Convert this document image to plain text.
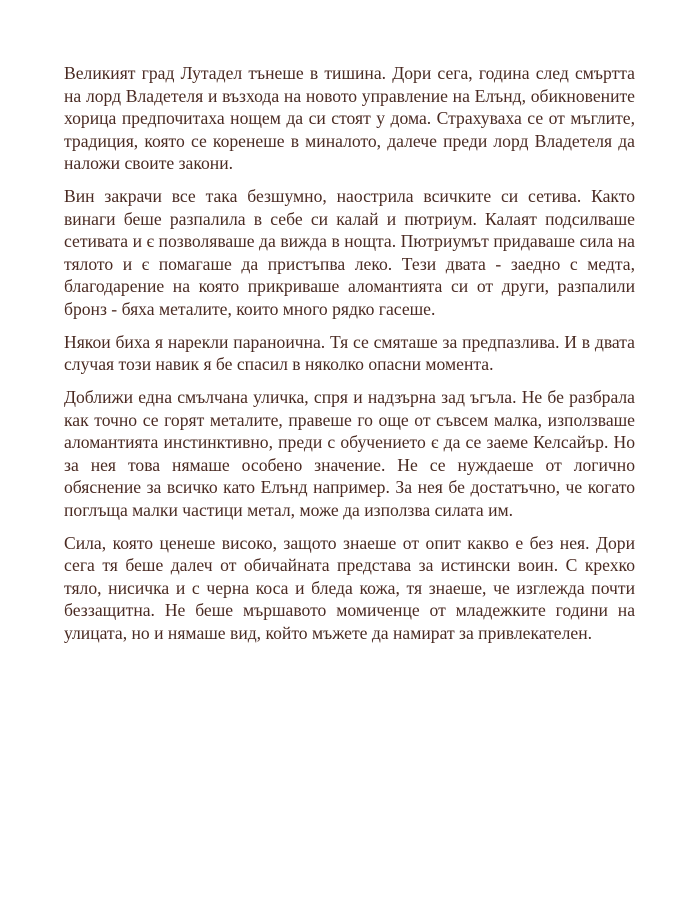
Великият град Лутадел тънеше в тишина. Дори сега, година след смъртта на лорд Владетеля и възхода на новото управление на Елънд, обикновените хорица предпочитаха нощем да си стоят у дома. Страхуваха се от мъглите, традиция, която се коренеше в миналото, далече преди лорд Владетеля да наложи своите закони.

Вин закрачи все така безшумно, наострила всичките си сетива. Както винаги беше разпалила в себе си калай и пютриум. Калаят подсилваше сетивата и є позволяваше да вижда в нощта. Пютриумът придаваше сила на тялото и є помагаше да пристъпва леко. Тези двата - заедно с медта, благодарение на която прикриваше аломантията си от други, разпалили бронз - бяха металите, които много рядко гасеше.

Някои биха я нарекли параноична. Тя се смяташе за предпазлива. И в двата случая този навик я бе спасил в няколко опасни момента.

Доближи една смълчана уличка, спря и надзърна зад ъгъла. Не бе разбрала как точно се горят металите, правеше го още от съвсем малка, използваше аломантията инстинктивно, преди с обучението є да се заеме Келсайър. Но за нея това нямаше особено значение. Не се нуждаеше от логично обяснение за всичко като Елънд например. За нея бе достатъчно, че когато поглъща малки частици метал, може да използва силата им.

Сила, която ценеше високо, защото знаеше от опит какво е без нея. Дори сега тя беше далеч от обичайната представа за истински воин. С крехко тяло, нисичка и с черна коса и бледа кожа, тя знаеше, че изглежда почти беззащитна. Не беше мършавото момиченце от младежките години на улицата, но и нямаше вид, който мъжете да намират за привлекателен.
